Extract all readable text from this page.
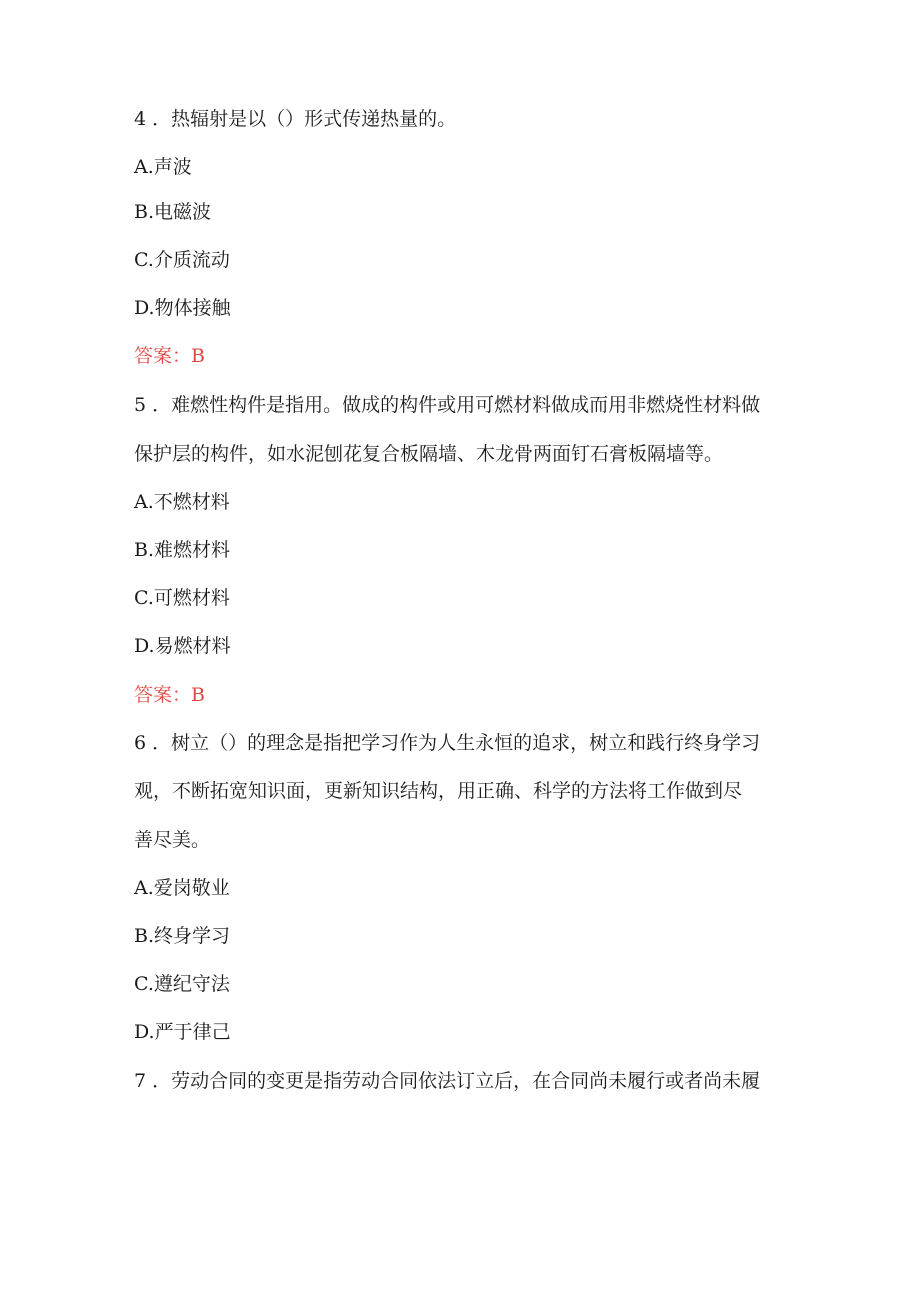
4 ．热辐射是以（）形式传递热量的。
A.声波
B.电磁波
C.介质流动
D.物体接触
答案：B
5 ．难燃性构件是指用。做成的构件或用可燃材料做成而用非燃烧性材料做
保护层的构件，如水泥刨花复合板隔墙、木龙骨两面钉石膏板隔墙等。
A.不燃材料
B.难燃材料
C.可燃材料
D.易燃材料
答案：B
6 ．树立（）的理念是指把学习作为人生永恒的追求，树立和践行终身学习
观，不断拓宽知识面，更新知识结构，用正确、科学的方法将工作做到尽
善尽美。
A.爱岗敬业
B.终身学习
C.遵纪守法
D.严于律己
7 ．劳动合同的变更是指劳动合同依法订立后，在合同尚未履行或者尚未履
